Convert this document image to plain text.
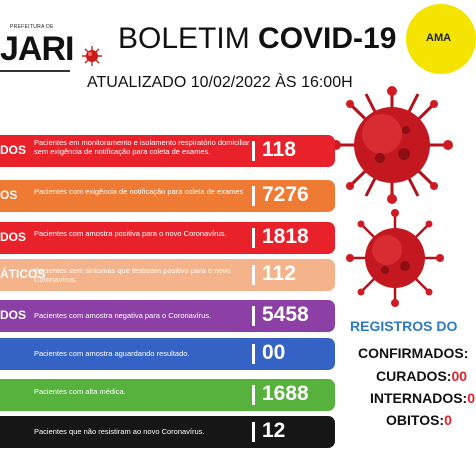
PREFEITURA DE
JARI BOLETIM COVID-19
ATUALIZADO 10/02/2022 ÀS 16:00H
AMA
DOS
Pacientes em monitoramento e isolamento respiratório domiciliar sem exigência de notificação para coleta de exames.	118
OS Pacientes com exigência de notificação para coleta de exames 7276
DOS Pacientes com amostra positiva para o novo Coronavírus.	1818
ÁTICOS
Pacientes sem sintomas que testaram positivo para o novo Coronavírus.	112
DOS Pacientes com amostra negativa para o Coronavírus.	5458
Pacientes com amostra aguardando resultado.	00
Pacientes com alta médica.	1688
Pacientes que não resistiram ao novo Coronavírus.	12
REGISTROS DO
CONFIRMADOS:
CURADOS:00
INTERNADOS:0
OBITOS:0
